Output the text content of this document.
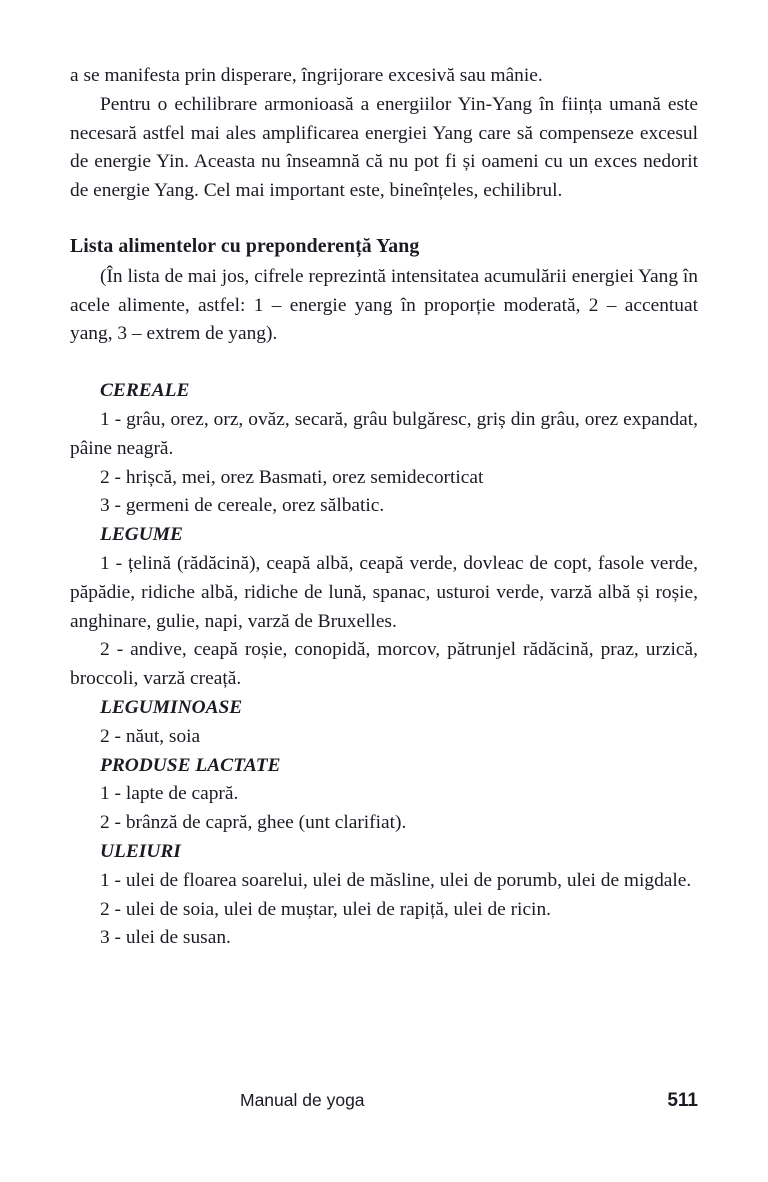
a se manifesta prin disperare, îngrijorare excesivă sau mânie.

Pentru o echilibrare armonioasă a energiilor Yin-Yang în ființa umană este necesară astfel mai ales amplificarea energiei Yang care să compenseze excesul de energie Yin. Aceasta nu înseamnă că nu pot fi și oameni cu un exces nedorit de energie Yang. Cel mai important este, bineînțeles, echilibrul.

Lista alimentelor cu preponderență Yang

(În lista de mai jos, cifrele reprezintă intensitatea acumulării energiei Yang în acele alimente, astfel: 1 – energie yang în proporție moderată, 2 – accentuat yang, 3 – extrem de yang).

CEREALE

1 - grâu, orez, orz, ovăz, secară, grâu bulgăresc, griș din grâu, orez expandat, pâine neagră.

2 - hrișcă, mei, orez Basmati, orez semidecorticat

3 - germeni de cereale, orez sălbatic.

LEGUME

1 - țelină (rădăcină), ceapă albă, ceapă verde, dovleac de copt, fasole verde, păpădie, ridiche albă, ridiche de lună, spanac, usturoi verde, varză albă și roșie, anghinare, gulie, napi, varză de Bruxelles.

2 - andive, ceapă roșie, conopidă, morcov, pătrunjel rădăcină, praz, urzică, broccoli, varză creață.

LEGUMINOASE

2 - năut, soia

PRODUSE LACTATE

1 - lapte de capră.

2 - brânză de capră, ghee (unt clarifiat).

ULEIURI

1 - ulei de floarea soarelui, ulei de măsline, ulei de porumb, ulei de migdale.

2 - ulei de soia, ulei de muștar, ulei de rapiță, ulei de ricin.

3 - ulei de susan.

Manual de yoga	511
